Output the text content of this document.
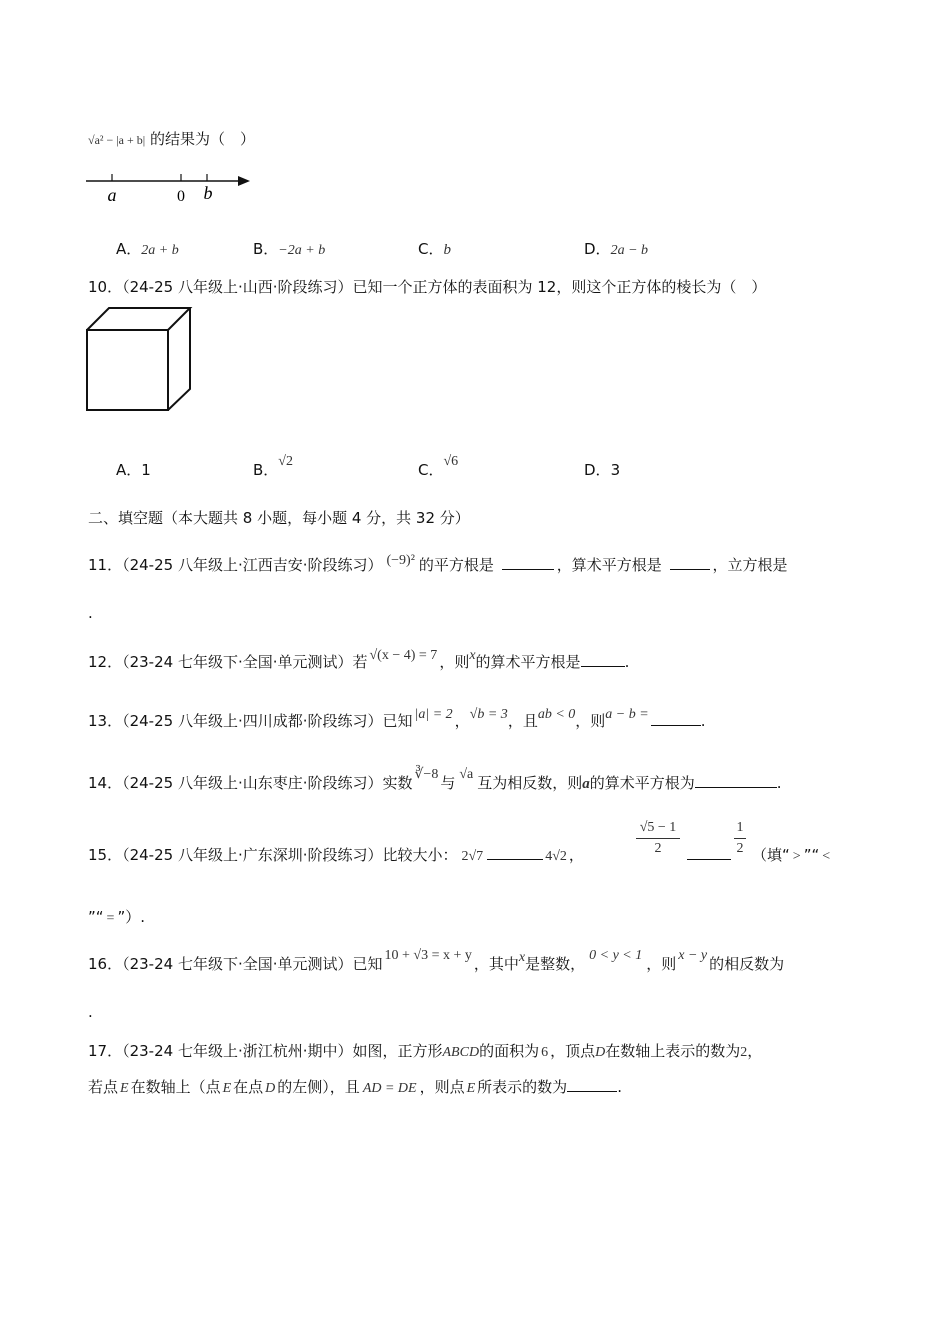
√a² − |a + b| 的结果为（　）
a	0 b
A．2a + b	B．−2a + b	C．b	D．2a − b
10．（24-25 八年级上·山西·阶段练习）已知一个正方体的表面积为 12，则这个正方体的棱长为（　）
A．1	B．√2	C．√6	D．3
二、填空题（本大题共 8 小题，每小题 4 分，共 32 分）
11．（24-25 八年级上·江西吉安·阶段练习） (−9)² 的平方根是	，算术平方根是	，立方根是
.
12．（23-24 七年级下·全国·单元测试）若 √(x − 4) = 7 ，则x的算术平方根是	.
13．（24-25 八年级上·四川成都·阶段练习）已知 |a| = 2 ，√b = 3，且ab < 0，则a − b =	.
14．（24-25 八年级上·山东枣庄·阶段练习）实数 ∛−8 与 √a 互为相反数，则a的算术平方根为	.
15．（24-25 八年级上·广东深圳·阶段练习）比较大小： 2√7	4√2 ，
√5 − 1
2
1
2 （填“ > ”“ <
”“ = ”）.
16．（23-24 七年级下·全国·单元测试）已知 10 + √3 = x + y ，其中x是整数， 0 < y < 1 ，则 x − y 的相反数为
.
17．（23-24 七年级上·浙江杭州·期中）如图，正方形ABCD的面积为 6 ，顶点D在数轴上表示的数为2，
若点 E 在数轴上（点 E 在点 D 的左侧），且 AD = DE ，则点 E 所表示的数为	.
